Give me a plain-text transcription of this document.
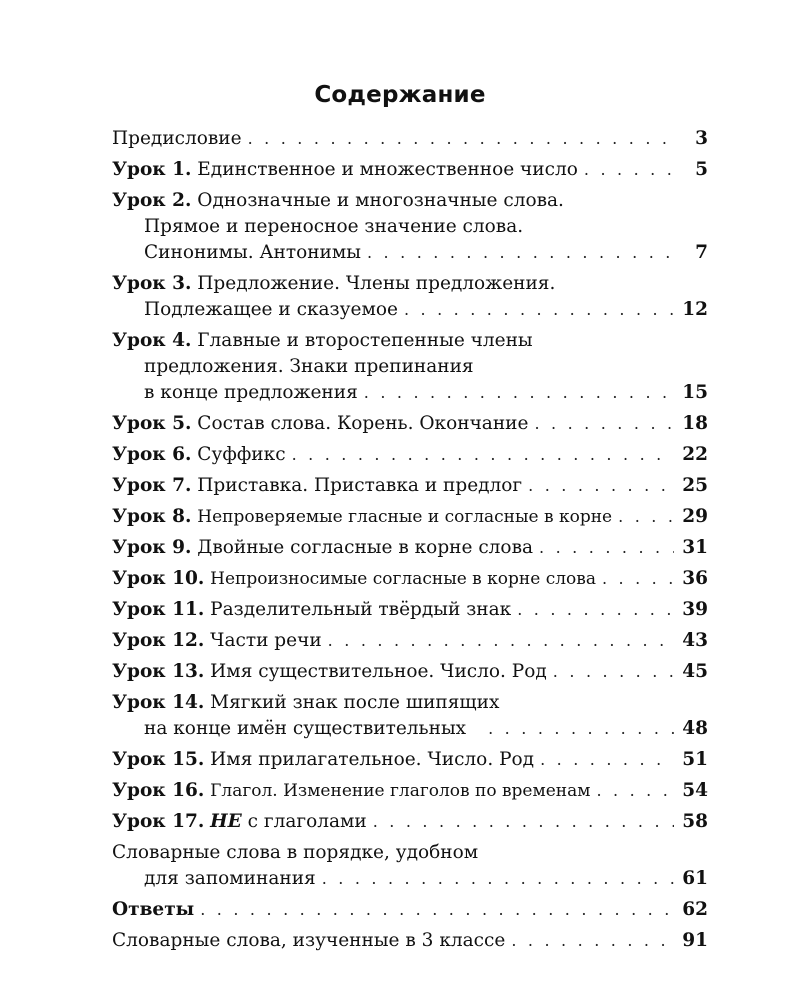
Содержание
Предисловие . . .	3
Урок 1. Единственное и множественное число . . .	5
Урок 2. Однозначные и многозначные слова.
Прямое и переносное значение слова.
Синонимы. Антонимы . . .	7
Урок 3. Предложение. Члены предложения.
Подлежащее и сказуемое . . .	12
Урок 4. Главные и второстепенные члены
предложения. Знаки препинания
в конце предложения . . .	15
Урок 5. Состав слова. Корень. Окончание . . .	18
Урок 6. Суффикс . . .	22
Урок 7. Приставка. Приставка и предлог . . .	25
Урок 8. Непроверяемые гласные и согласные в корне . . .	29
Урок 9. Двойные согласные в корне слова . . .	31
Урок 10. Непроизносимые согласные в корне слова . . .	36
Урок 11. Разделительный твёрдый знак . . .	39
Урок 12. Части речи . . .	43
Урок 13. Имя существительное. Число. Род . . .	45
Урок 14. Мягкий знак после шипящих
на конце имён существительных . . .	48
Урок 15. Имя прилагательное. Число. Род . . .	51
Урок 16. Глагол. Изменение глаголов по временам . . .	54
Урок 17. НЕ с глаголами . . .	58
Словарные слова в порядке, удобном
для запоминания . . .	61
Ответы . . .	62
Словарные слова, изученные в 3 классе . . .	91
